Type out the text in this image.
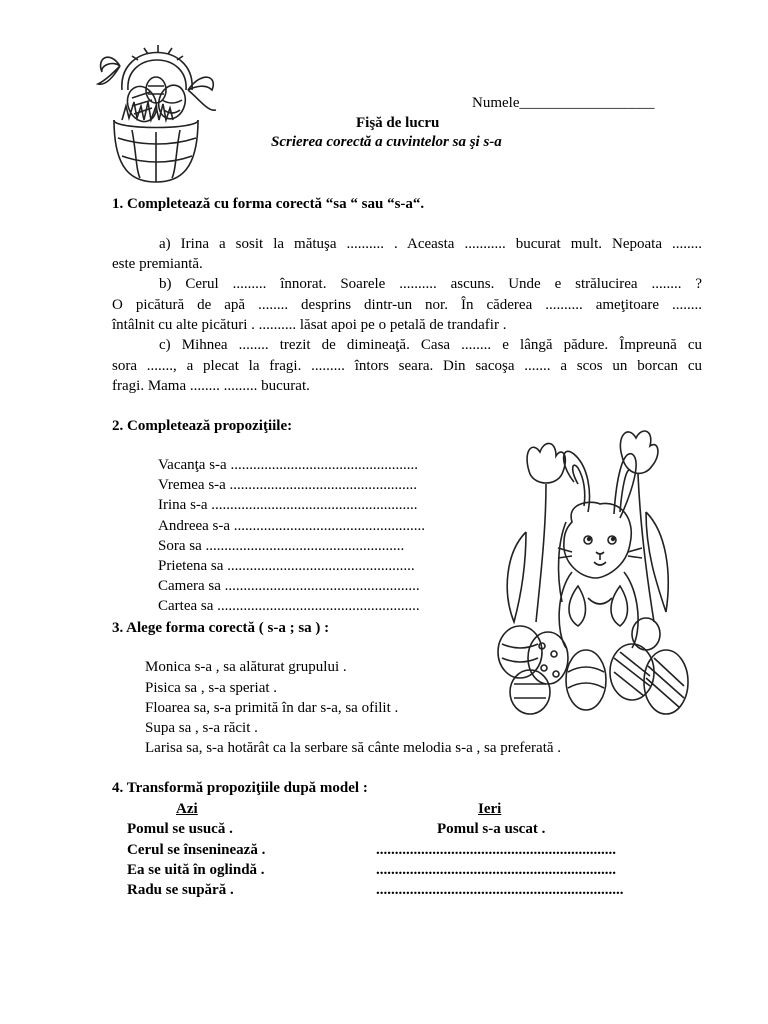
Numele__________________
Fişă de lucru
Scrierea corectă a cuvintelor sa şi s-a
1. Completează cu forma corectă “sa “ sau “s-a“.
a) Irina a sosit la mătuşa .......... . Aceasta ........... bucurat mult. Nepoata ........
este premiantă.
b) Cerul ......... înnorat. Soarele .......... ascuns. Unde e strălucirea ........ ?
O picătură de apă ........ desprins dintr-un nor. În căderea .......... ameţitoare ........
întâlnit cu alte picături . .......... lăsat apoi pe o petală de trandafir .
c) Mihnea ........ trezit de dimineaţă. Casa ........ e lângă pădure. Împreună cu
sora ......., a plecat la fragi. ......... întors seara. Din sacoşa ....... a scos un borcan cu
fragi. Mama ........ ......... bucurat.
2. Completează propoziţiile:
Vacanţa s-a ..................................................
Vremea s-a ..................................................
Irina s-a .......................................................
Andreea s-a ...................................................
Sora sa .....................................................
Prietena sa ..................................................
Camera sa ....................................................
Cartea sa ......................................................
3. Alege forma corectă ( s-a ; sa ) :
Monica s-a , sa alăturat grupului .
Pisica sa , s-a speriat .
Floarea sa, s-a primită în dar s-a, sa ofilit .
Supa sa , s-a răcit .
Larisa sa, s-a hotărât ca la serbare să cânte melodia s-a , sa preferată .
4. Transformă propoziţiile după model :
Azi	Ieri
Pomul se usucă .	Pomul s-a uscat .
Cerul se înseninează .	................................................................
Ea se uită în oglindă .	................................................................
Radu se supără .	..................................................................
